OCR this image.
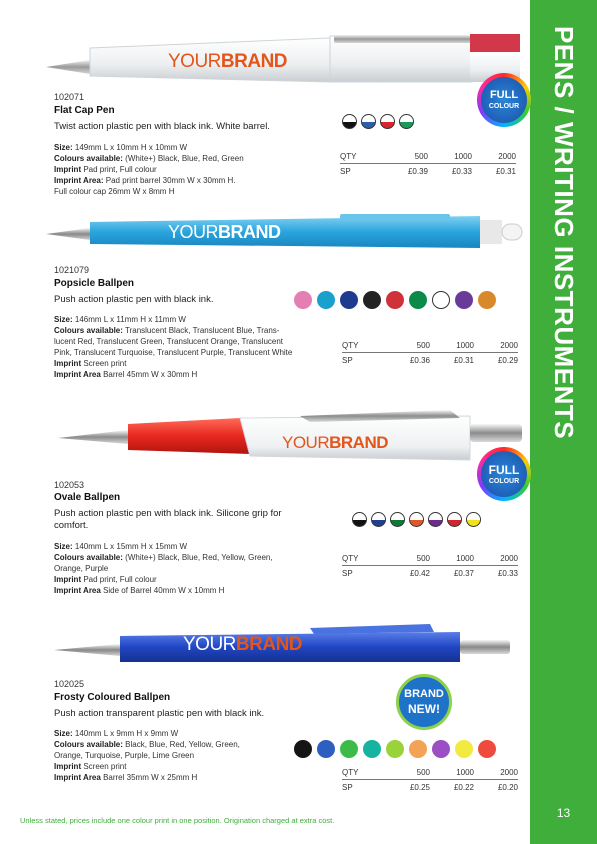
PENS / WRITING INSTRUMENTS
13
Unless stated, prices include one colour print in one position. Origination charged at extra cost.
YOURBRAND
FULL
COLOUR
102071
Flat Cap Pen
Twist action plastic pen with black ink. White barrel.
Size: 149mm L x 10mm H x 10mm W
Colours available: (White+) Black, Blue, Red, Green
Imprint Pad print, Full colour
Imprint Area: Pad print barrel 30mm W x 30mm H.
Full colour cap 26mm W x 8mm H
QTY	500	1000	2000
SP	£0.39	£0.33	£0.31
YOURBRAND
1021079
Popsicle Ballpen
Push action plastic pen with black ink.
Size: 146mm L x 11mm H x 11mm W
Colours available: Translucent Black, Translucent Blue, Trans-
lucent Red, Translucent Green, Translucent Orange, Translucent
Pink, Translucent Turquoise, Translucent Purple, Translucent White
Imprint Screen print
Imprint Area Barrel 45mm W x 30mm H
QTY	500	1000	2000
SP	£0.36	£0.31	£0.29
YOURBRAND
FULL
COLOUR
102053
Ovale Ballpen
Push action plastic pen with black ink. Silicone grip for
comfort.
Size: 140mm L x 15mm H x 15mm W
Colours available: (White+) Black, Blue, Red, Yellow, Green,
Orange, Purple
Imprint Pad print, Full colour
Imprint Area Side of Barrel 40mm W x 10mm H
QTY	500	1000	2000
SP	£0.42	£0.37	£0.33
YOURBRAND
BRAND
NEW!
102025
Frosty Coloured Ballpen
Push action transparent plastic pen with black ink.
Size: 140mm L x 9mm H x 9mm W
Colours available: Black, Blue, Red, Yellow, Green,
Orange, Turquoise, Purple, Lime Green
Imprint Screen print
Imprint Area Barrel 35mm W x 25mm H
QTY	500	1000	2000
SP	£0.25	£0.22	£0.20
